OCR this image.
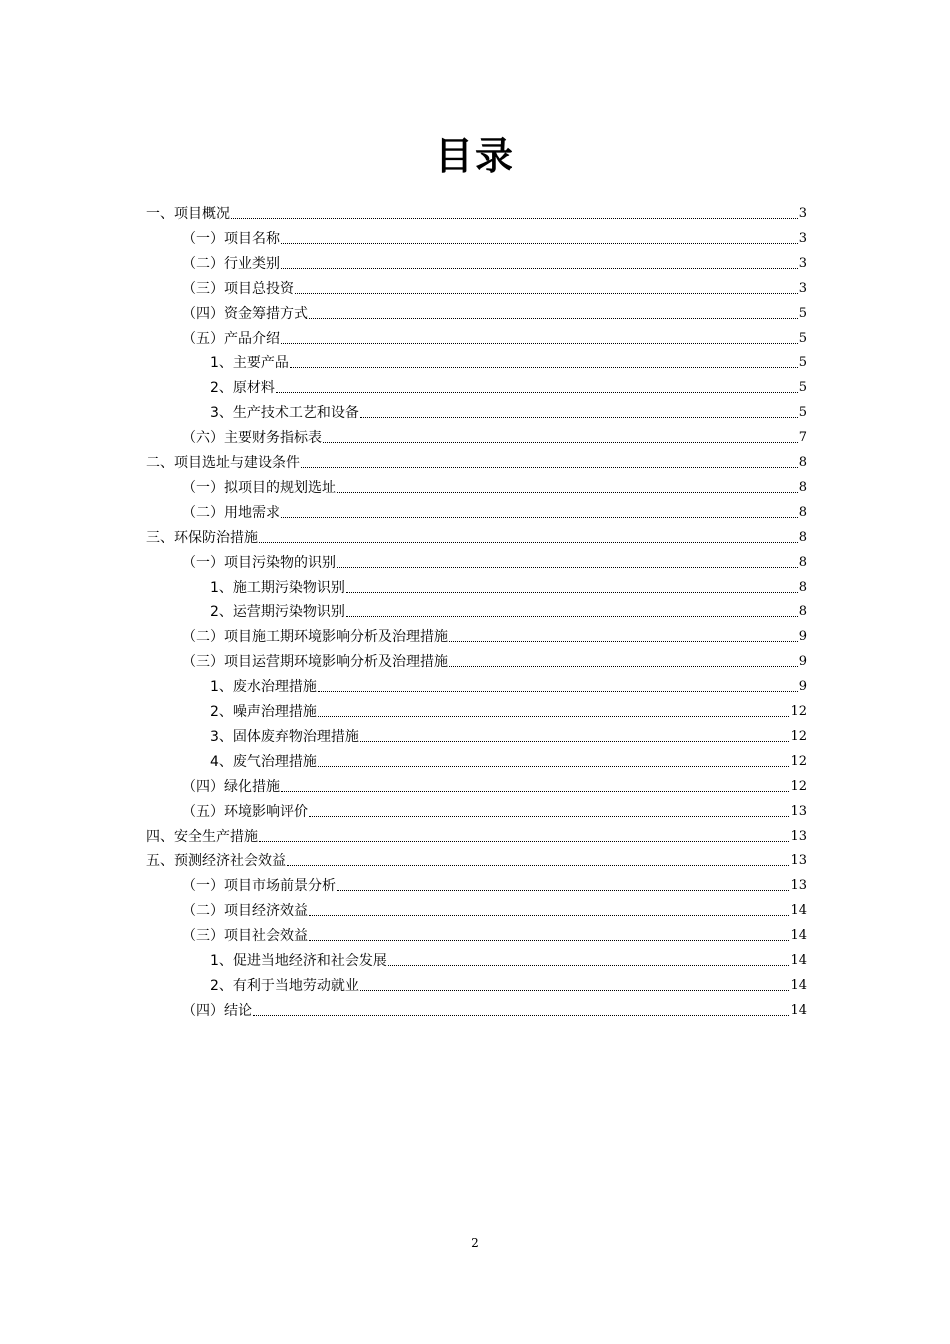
目录
一、项目概况	3
（一）项目名称	3
（二）行业类别	3
（三）项目总投资	3
（四）资金筹措方式	5
（五）产品介绍	5
1、主要产品	5
2、原材料	5
3、生产技术工艺和设备	5
（六）主要财务指标表	7
二、项目选址与建设条件	8
（一）拟项目的规划选址	8
（二）用地需求	8
三、环保防治措施	8
（一）项目污染物的识别	8
1、施工期污染物识别	8
2、运营期污染物识别	8
（二）项目施工期环境影响分析及治理措施	9
（三）项目运营期环境影响分析及治理措施	9
1、废水治理措施	9
2、噪声治理措施	12
3、固体废弃物治理措施	12
4、废气治理措施	12
（四）绿化措施	12
（五）环境影响评价	13
四、安全生产措施	13
五、预测经济社会效益	13
（一）项目市场前景分析	13
（二）项目经济效益	14
（三）项目社会效益	14
1、促进当地经济和社会发展	14
2、有利于当地劳动就业	14
（四）结论	14
2
